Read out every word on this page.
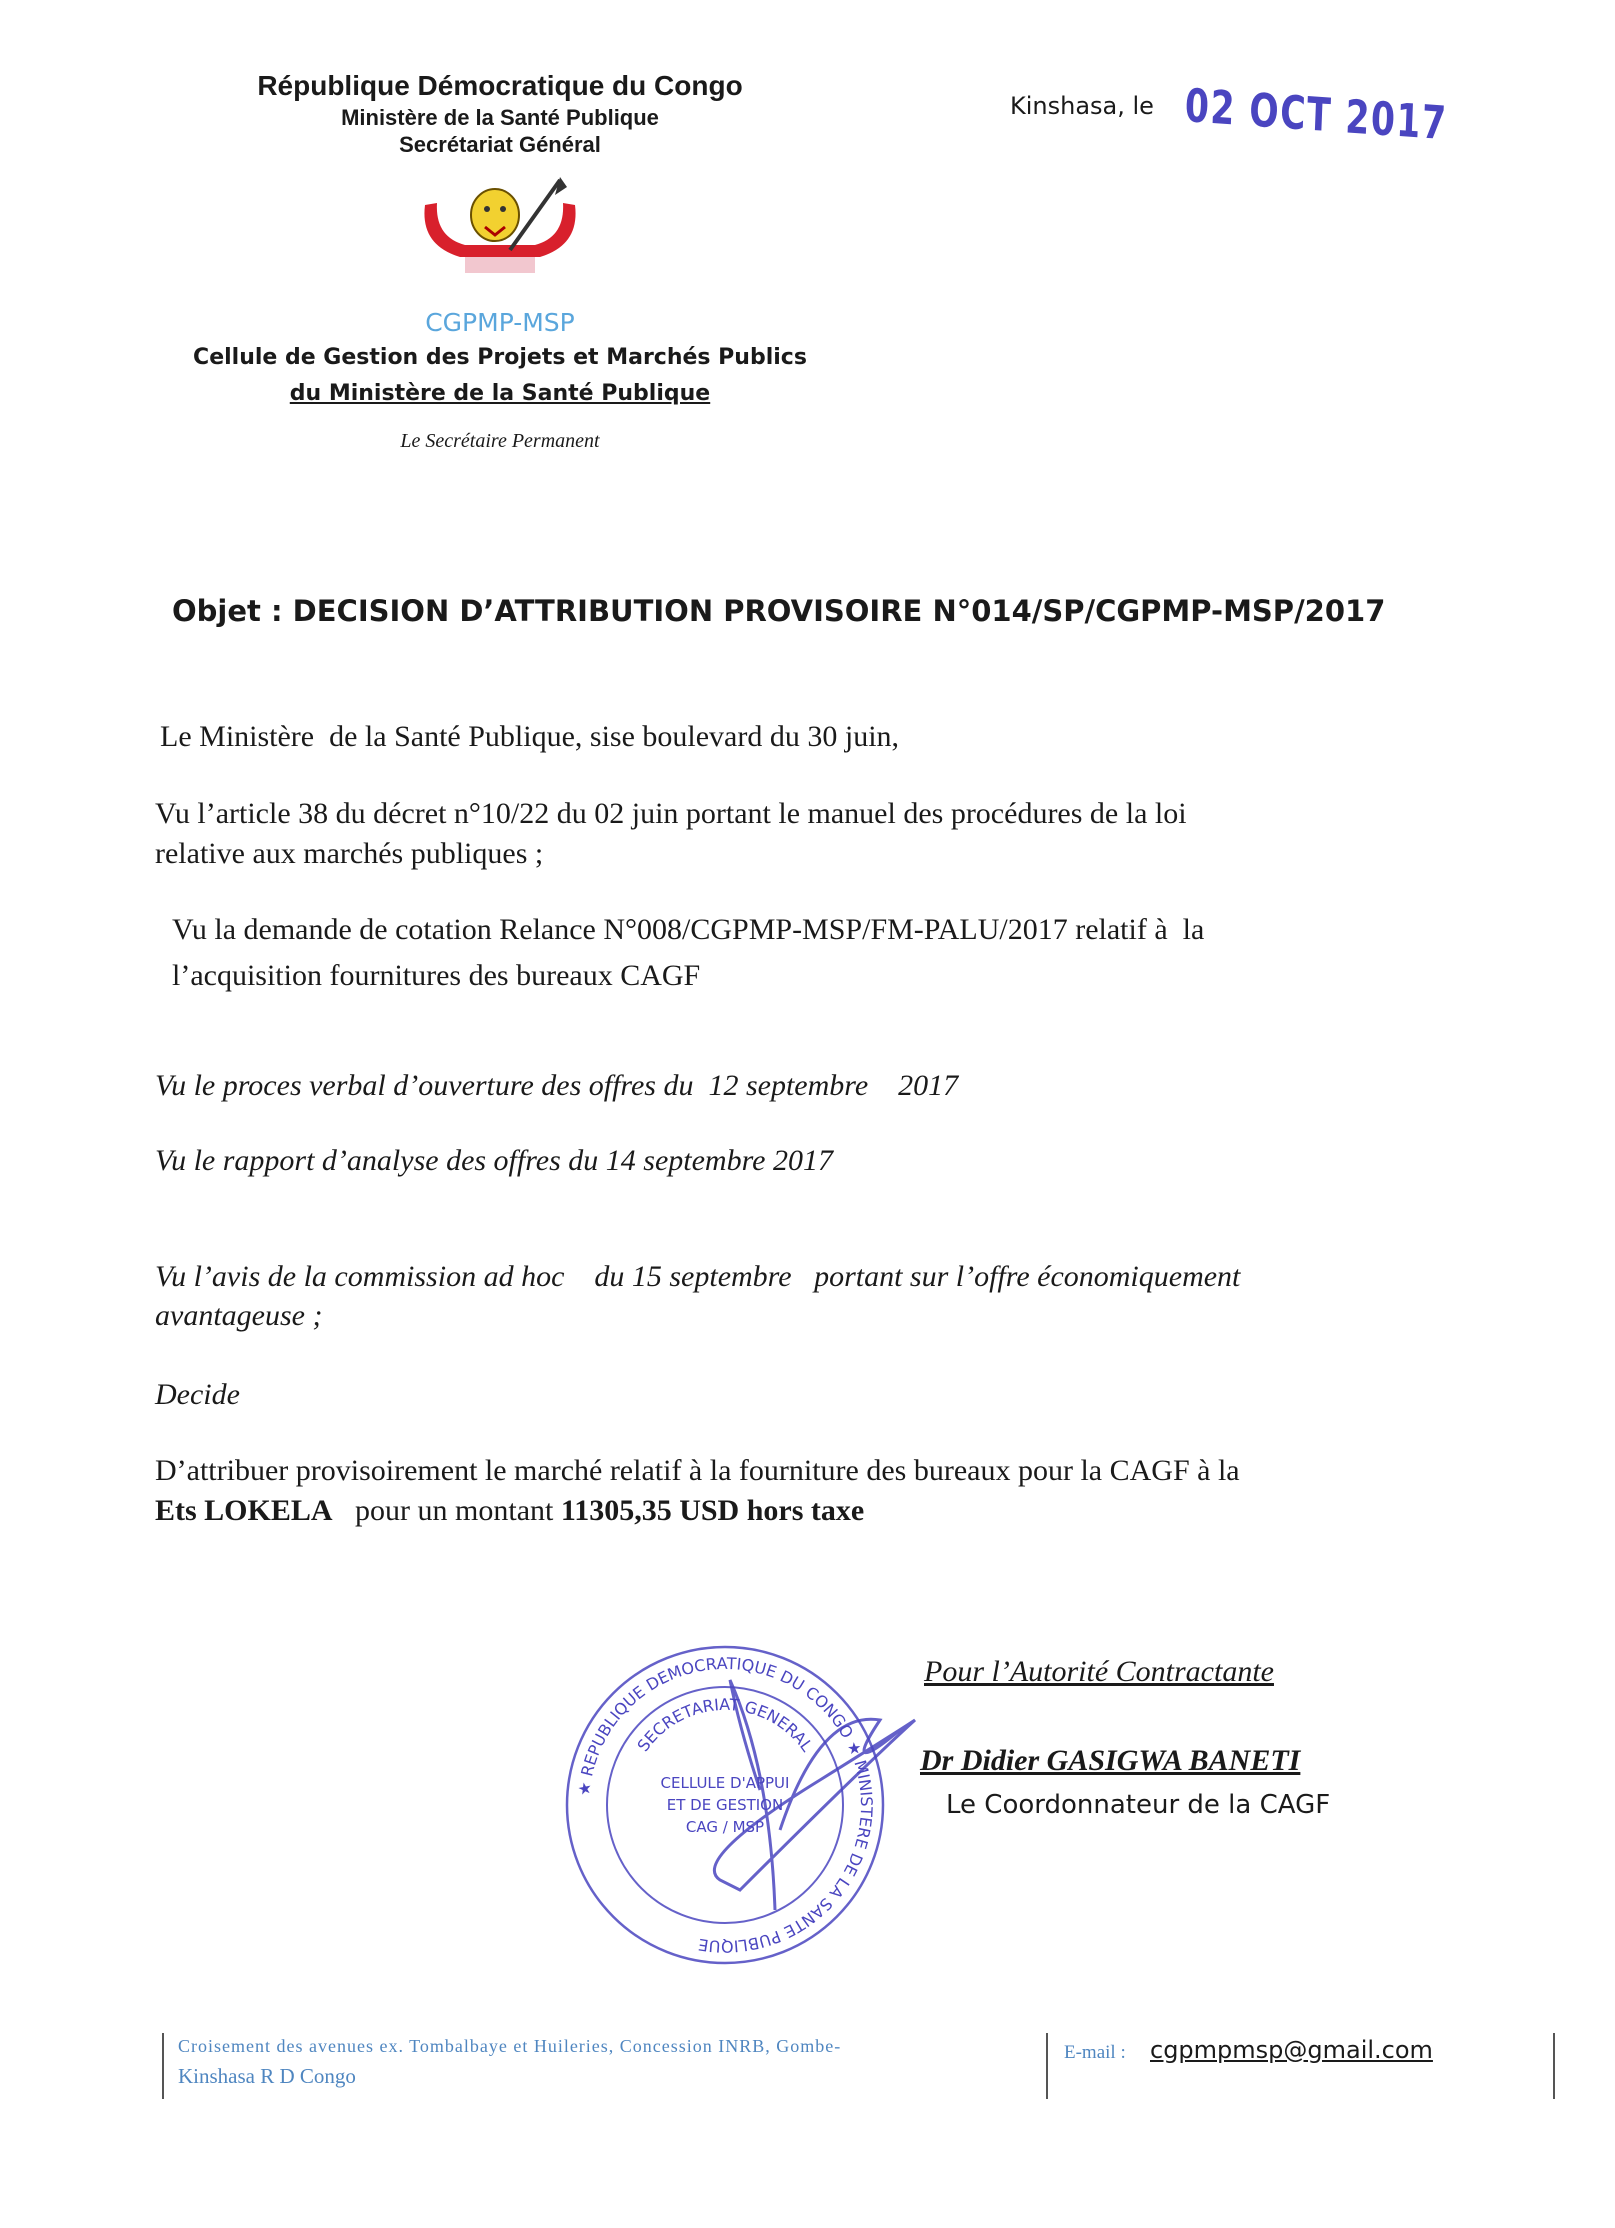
République Démocratique du Congo
Ministère de la Santé Publique
Secrétariat Général
CGPMP-MSP
Cellule de Gestion des Projets et Marchés Publics
du Ministère de la Santé Publique
Le Secrétaire Permanent
Kinshasa, le 02 OCT 2017
Objet : DECISION D’ATTRIBUTION PROVISOIRE N°014/SP/CGPMP-MSP/2017
Le Ministère  de la Santé Publique, sise boulevard du 30 juin,
Vu l’article 38 du décret n°10/22 du 02 juin portant le manuel des procédures de la loi
relative aux marchés publiques ;
Vu la demande de cotation Relance N°008/CGPMP-MSP/FM-PALU/2017 relatif à  la
l’acquisition fournitures des bureaux CAGF
Vu le proces verbal d’ouverture des offres du  12 septembre    2017
Vu le rapport d’analyse des offres du 14 septembre 2017
Vu l’avis de la commission ad hoc    du 15 septembre   portant sur l’offre économiquement
avantageuse ;
Decide
D’attribuer provisoirement le marché relatif à la fourniture des bureaux pour la CAGF à la
Ets LOKELA   pour un montant 11305,35 USD hors taxe
★ REPUBLIQUE DEMOCRATIQUE DU CONGO ★ MINISTERE DE LA SANTE PUBLIQUE
SECRETARIAT GENERAL
CELLULE D'APPUI ET DE GESTION CAG / MSP
Pour l’Autorité Contractante
Dr Didier GASIGWA BANETI
Le Coordonnateur de la CAGF
Croisement des avenues ex. Tombalbaye et Huileries, Concession INRB, Gombe-
Kinshasa R D Congo
E-mail : cgpmpmsp@gmail.com
